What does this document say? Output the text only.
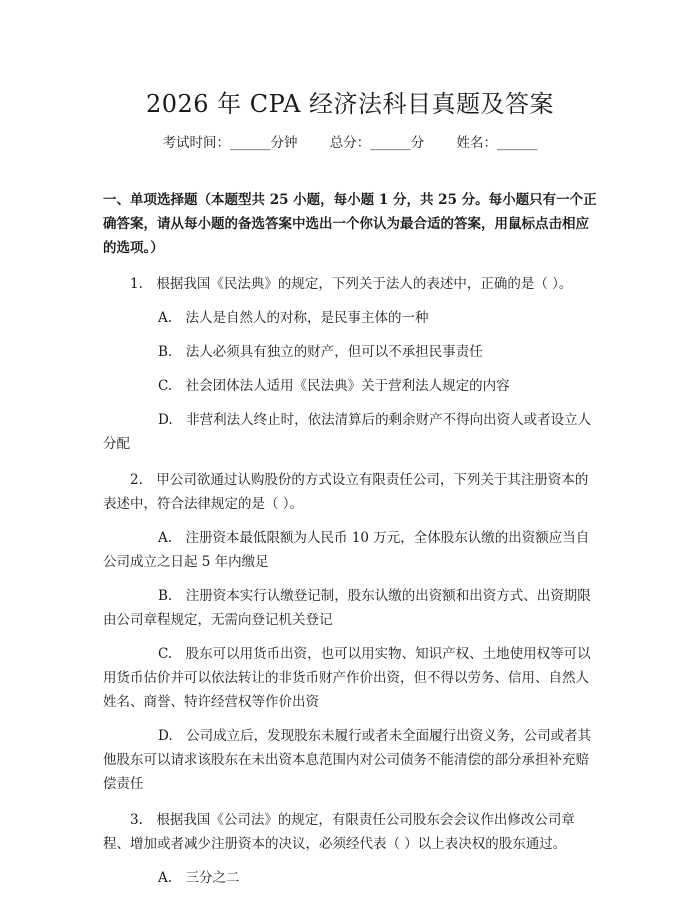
2026 年 CPA 经济法科目真题及答案
考试时间：______分钟 总分：______分 姓名：______

一、单项选择题（本题型共 25 小题，每小题 1 分，共 25 分。每小题只有一个正确答案，请从每小题的备选答案中选出一个你认为最合适的答案，用鼠标点击相应的选项。）

1.　根据我国《民法典》的规定，下列关于法人的表述中，正确的是（ ）。

A.　法人是自然人的对称，是民事主体的一种

B.　法人必须具有独立的财产，但可以不承担民事责任

C.　社会团体法人适用《民法典》关于营利法人规定的内容

D.　非营利法人终止时，依法清算后的剩余财产不得向出资人或者设立人分配

2.　甲公司欲通过认购股份的方式设立有限责任公司，下列关于其注册资本的表述中，符合法律规定的是（ ）。

A.　注册资本最低限额为人民币 10 万元，全体股东认缴的出资额应当自公司成立之日起 5 年内缴足

B.　注册资本实行认缴登记制，股东认缴的出资额和出资方式、出资期限由公司章程规定，无需向登记机关登记

C.　股东可以用货币出资，也可以用实物、知识产权、土地使用权等可以用货币估价并可以依法转让的非货币财产作价出资，但不得以劳务、信用、自然人姓名、商誉、特许经营权等作价出资

D.　公司成立后，发现股东未履行或者未全面履行出资义务，公司或者其他股东可以请求该股东在未出资本息范围内对公司债务不能清偿的部分承担补充赔偿责任

3.　根据我国《公司法》的规定，有限责任公司股东会会议作出修改公司章程、增加或者减少注册资本的决议，必须经代表（ ）以上表决权的股东通过。

A.　三分之二
